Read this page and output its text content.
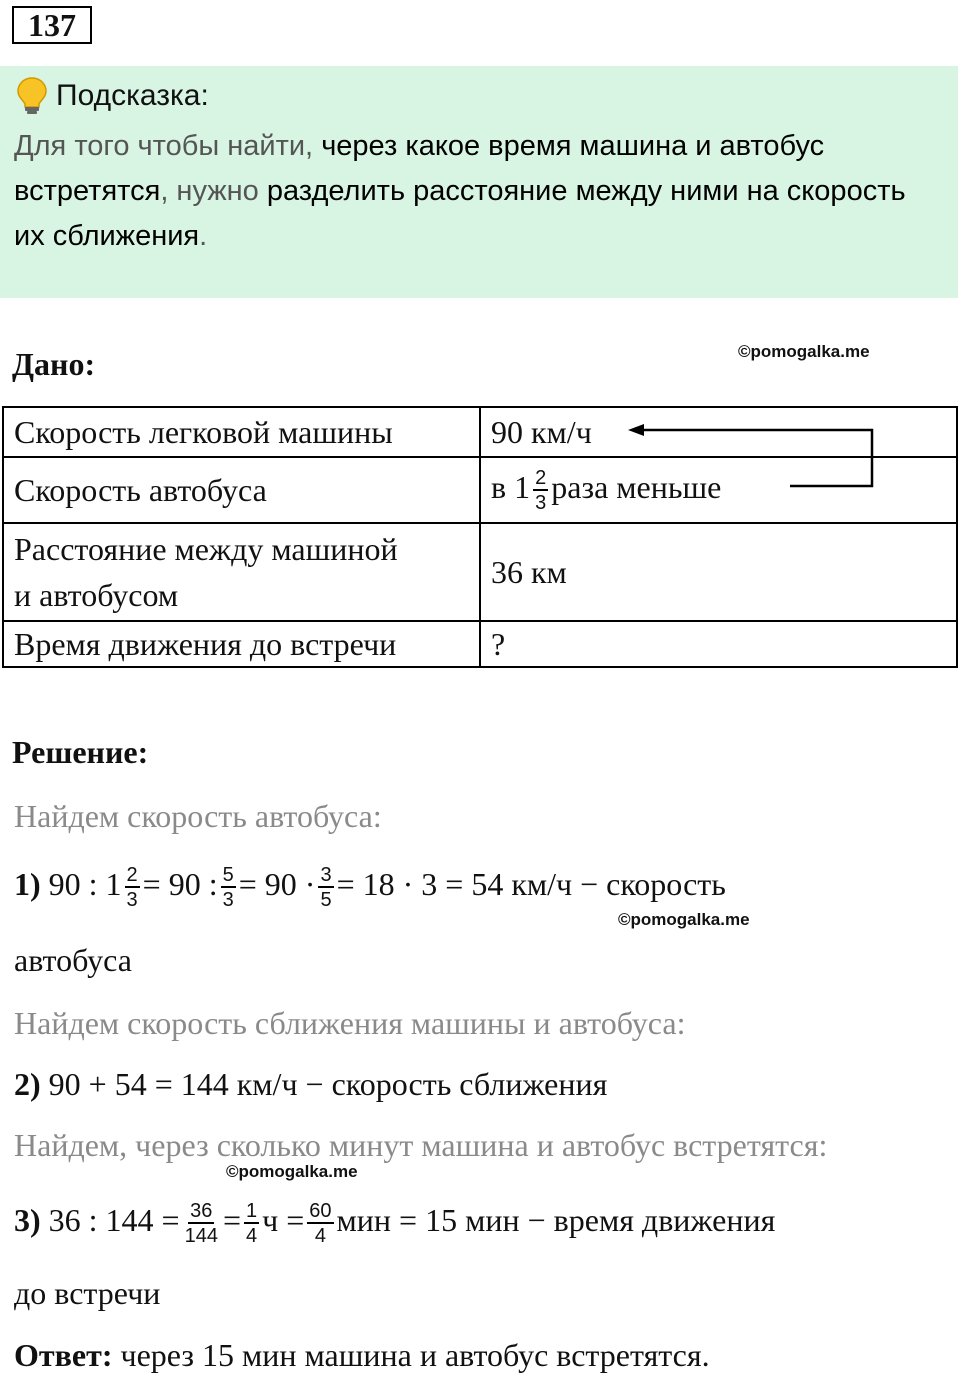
137
Подсказка:
Для того чтобы найти, через какое время машина и автобус встретятся, нужно разделить расстояние между ними на скорость их сближения.
Дано:	©pomogalka.me
Скорость легковой машины	90 км/ч
Скорость автобуса	в $1 \frac{2}{3}$ раза меньше

Расстояние между машиной
и автобусом	36 км
Время движения до встречи	?
Решение:
Найдем скорость автобуса:
1) 90 : $1 \frac{2}{3} = 90$ : $\frac{5}{3} = 90 \cdot \frac{3}{5} = 18 \cdot 3 = 54$ км/ч − скорость
©pomogalka.me
автобуса
Найдем скорость сближения машины и автобуса:
2) 90 + 54 = 144 км/ч − скорость сближения
Найдем, через сколько минут машина и автобус встретятся:
©pomogalka.me
3) 36 : $144 = \frac{36}{144} = \frac{1}{4}$ $ч = \frac{60}{4}$ мин = 15 мин − время движения
до встречи
Ответ: через 15 мин машина и автобус встретятся.
